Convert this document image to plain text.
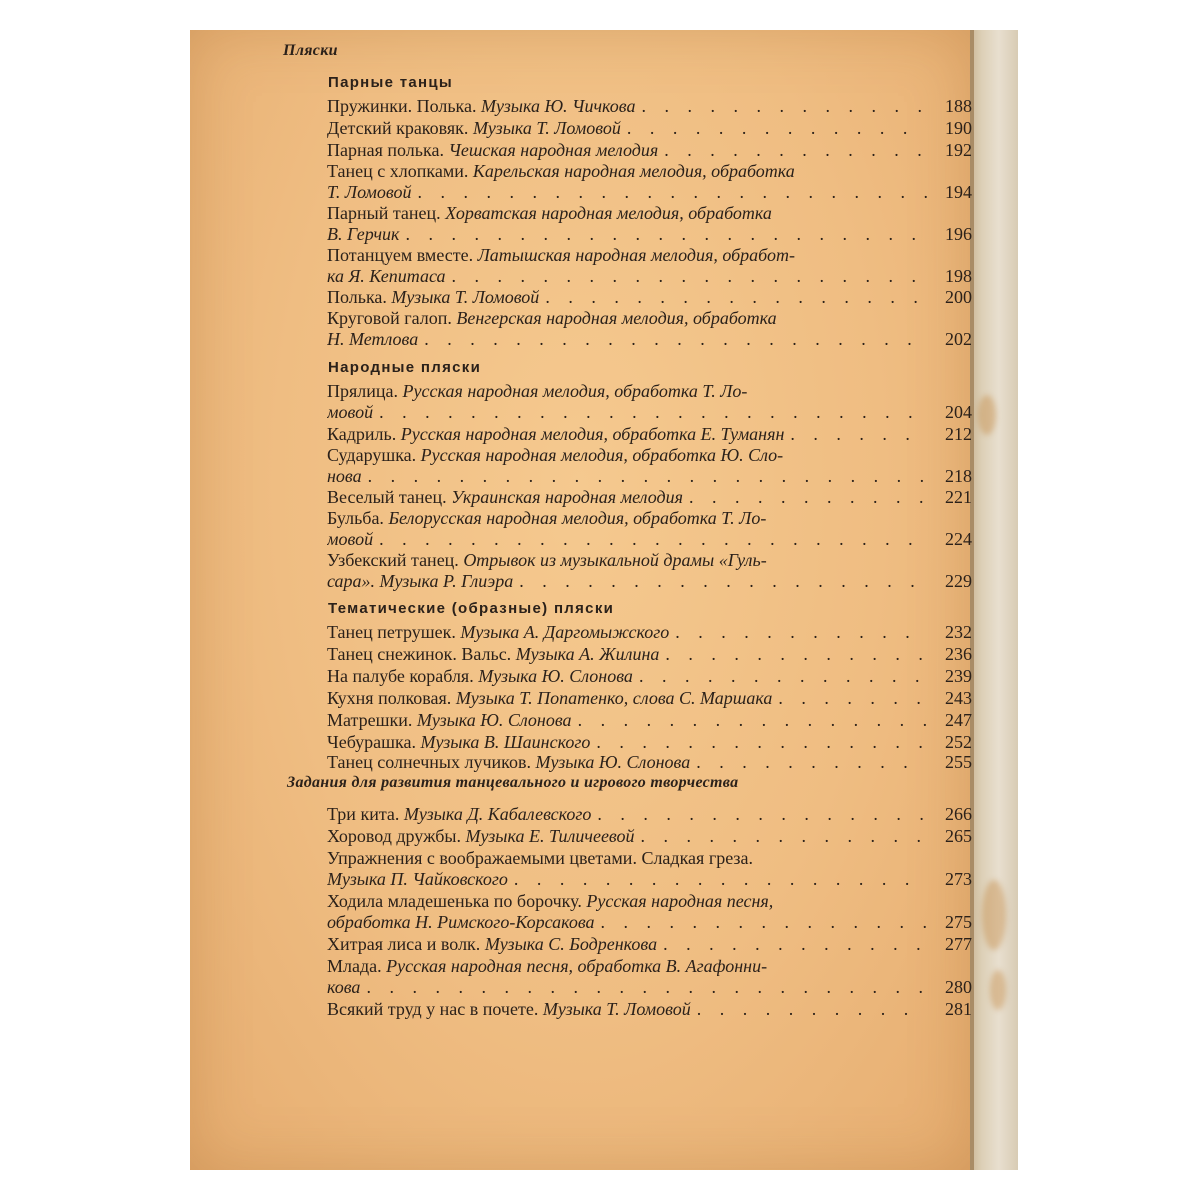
Пляски
Парные танцы
Народные пляски
Тематические (образные) пляски
Задания для развития танцевального и игрового творчества
Пружинки. Полька. Музыка Ю. Чичкова . . .	188
Детский краковяк. Музыка Т. Ломовой . . .	190
Парная полька. Чешская народная мелодия . . .	192
Танец с хлопками. Карельская народная мелодия, обработка
Т. Ломовой . . .	194
Парный танец. Хорватская народная мелодия, обработка
В. Герчик . . .	196
Потанцуем вместе. Латышская народная мелодия, обработ-
ка Я. Кепитаса . . .	198
Полька. Музыка Т. Ломовой . . .	200
Круговой галоп. Венгерская народная мелодия, обработка
Н. Метлова . . .	202
Прялица. Русская народная мелодия, обработка Т. Ло-
мовой . . .	204
Кадриль. Русская народная мелодия, обработка Е. Туманян . . .	212
Сударушка. Русская народная мелодия, обработка Ю. Сло-
нова . . .	218
Веселый танец. Украинская народная мелодия . . .	221
Бульба. Белорусская народная мелодия, обработка Т. Ло-
мовой . . .	224
Узбекский танец. Отрывок из музыкальной драмы «Гуль-
сара». Музыка Р. Глиэра . . .	229
Танец петрушек. Музыка А. Даргомыжского . . .	232
Танец снежинок. Вальс. Музыка А. Жилина . . .	236
На палубе корабля. Музыка Ю. Слонова . . .	239
Кухня полковая. Музыка Т. Попатенко, слова С. Маршака . . .	243
Матрешки. Музыка Ю. Слонова . . .	247
Чебурашка. Музыка В. Шаинского . . .	252
Танец солнечных лучиков. Музыка Ю. Слонова . . .	255
Три кита. Музыка Д. Кабалевского . . .	266
Хоровод дружбы. Музыка Е. Тиличеевой . . .	265
Упражнения с воображаемыми цветами. Сладкая греза.
Музыка П. Чайковского . . .	273
Ходила младешенька по борочку. Русская народная песня,
обработка Н. Римского-Корсакова . . .	275
Хитрая лиса и волк. Музыка С. Бодренкова . . .	277
Млада. Русская народная песня, обработка В. Агафонни-
кова . . .	280
Всякий труд у нас в почете. Музыка Т. Ломовой . . .	281
